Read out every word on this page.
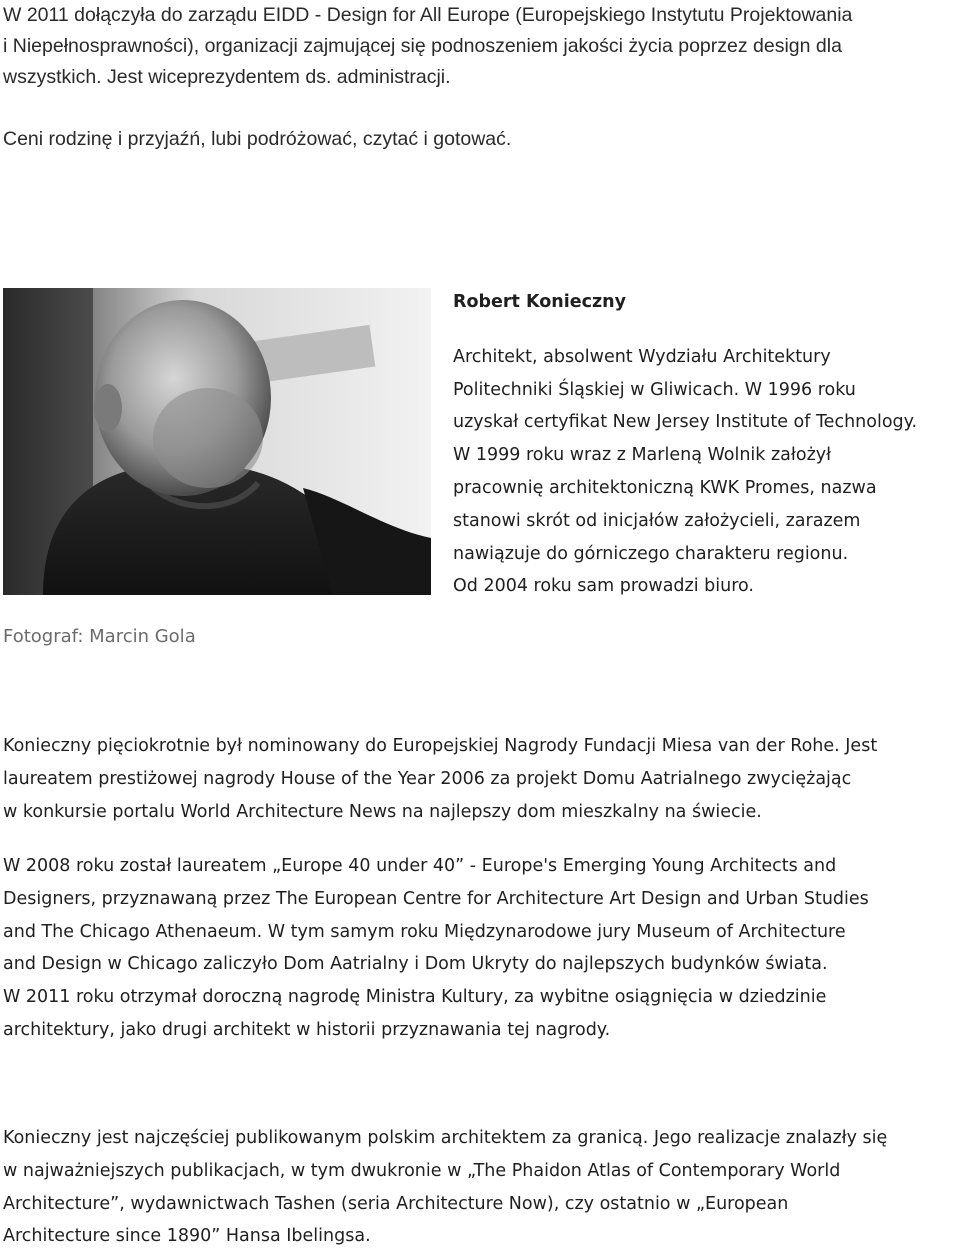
W 2011 dołączyła do zarządu EIDD - Design for All Europe (Europejskiego Instytutu Projektowania
i Niepełnosprawności), organizacji zajmującej się podnoszeniem jakości życia poprzez design dla
wszystkich. Jest wiceprezydentem ds. administracji.

Ceni rodzinę i przyjaźń, lubi podróżować, czytać i gotować.

Fotograf: Marcin Gola

Robert Konieczny

Architekt, absolwent Wydziału Architektury
Politechniki Śląskiej w Gliwicach. W 1996 roku
uzyskał certyfikat New Jersey Institute of Technology.
W 1999 roku wraz z Marleną Wolnik założył
pracownię architektoniczną KWK Promes, nazwa
stanowi skrót od inicjałów założycieli, zarazem
nawiązuje do górniczego charakteru regionu.
Od 2004 roku sam prowadzi biuro.

Konieczny pięciokrotnie był nominowany do Europejskiej Nagrody Fundacji Miesa van der Rohe. Jest
laureatem prestiżowej nagrody House of the Year 2006 za projekt Domu Aatrialnego zwyciężając
w konkursie portalu World Architecture News na najlepszy dom mieszkalny na świecie.

W 2008 roku został laureatem „Europe 40 under 40” - Europe's Emerging Young Architects and
Designers, przyznawaną przez The European Centre for Architecture Art Design and Urban Studies
and The Chicago Athenaeum. W tym samym roku Międzynarodowe jury Museum of Architecture
and Design w Chicago zaliczyło Dom Aatrialny i Dom Ukryty do najlepszych budynków świata.
W 2011 roku otrzymał doroczną nagrodę Ministra Kultury, za wybitne osiągnięcia w dziedzinie
architektury, jako drugi architekt w historii przyznawania tej nagrody.

Konieczny jest najczęściej publikowanym polskim architektem za granicą. Jego realizacje znalazły się
w najważniejszych publikacjach, w tym dwukronie w „The Phaidon Atlas of Contemporary World
Architecture”, wydawnictwach Tashen (seria Architecture Now), czy ostatnio w „European
Architecture since 1890” Hansa Ibelingsa.
